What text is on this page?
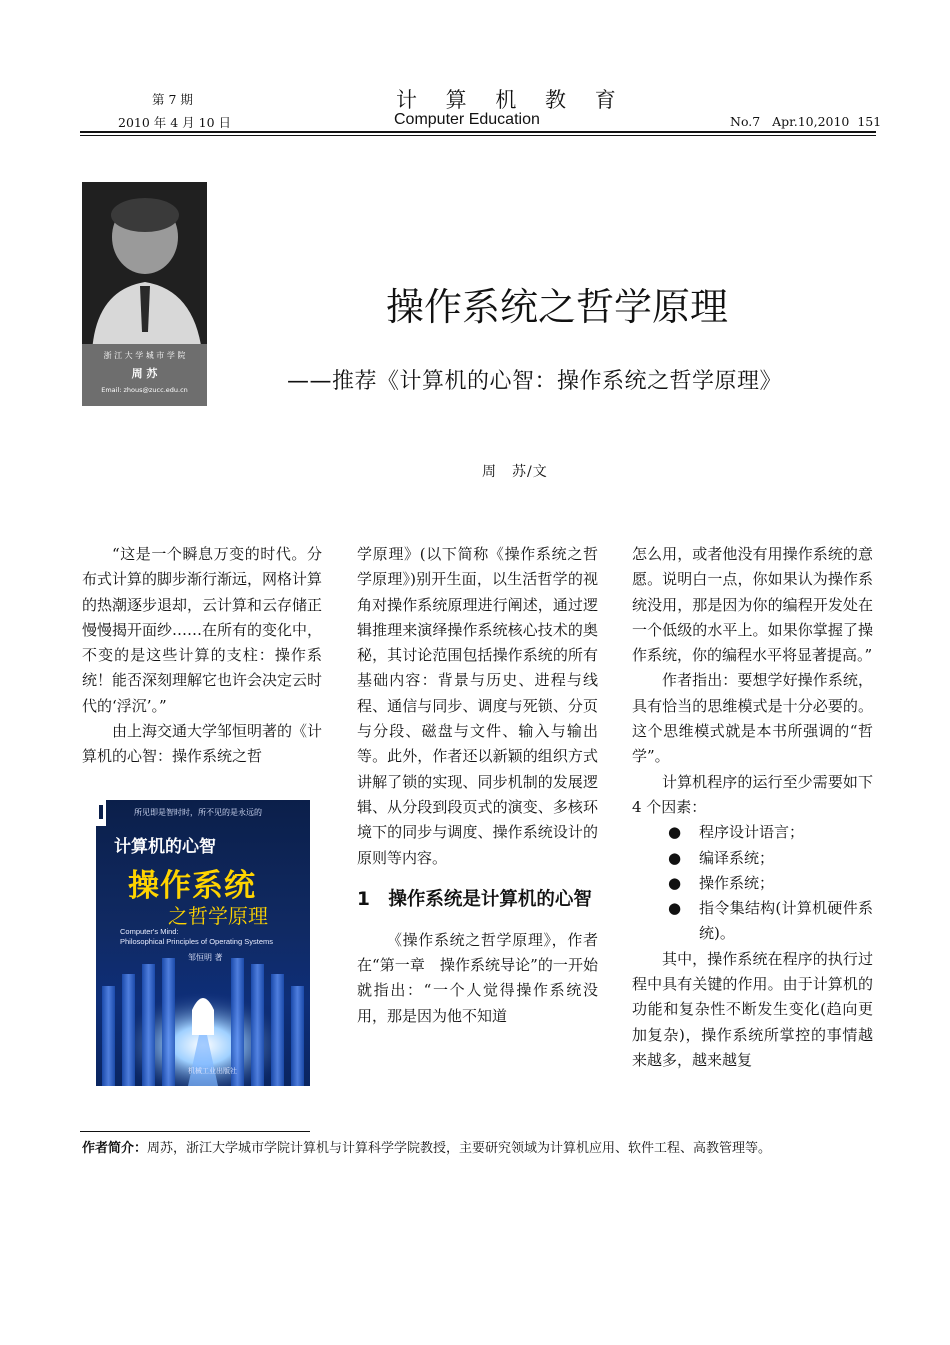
第 7 期
2010 年 4 月 10 日
计 算 机 教 育
Computer Education	No.7   Apr.10,2010  151
浙 江 大 学 城 市 学 院
周 苏
Email: zhous@zucc.edu.cn
操作系统之哲学原理
——推荐《计算机的心智：操作系统之哲学原理》
周　苏/文

“这是一个瞬息万变的时代。分布式计算的脚步渐行渐远，网格计算的热潮逐步退却，云计算和云存储正慢慢揭开面纱……在所有的变化中，不变的是这些计算的支柱：操作系统！能否深刻理解它也许会决定云时代的‘浮沉’。”

由上海交通大学邹恒明著的《计算机的心智：操作系统之哲

所见即是智时时，所不见的是永远的
计算机的心智
操作系统
之哲学原理
Computer's Mind:
Philosophical Principles of Operating Systems
邹恒明 著
机械工业出版社

学原理》(以下简称《操作系统之哲学原理》)别开生面，以生活哲学的视角对操作系统原理进行阐述，通过逻辑推理来演绎操作系统核心技术的奥秘，其讨论范围包括操作系统的所有基础内容：背景与历史、进程与线程、通信与同步、调度与死锁、分页与分段、磁盘与文件、输入与输出等。此外，作者还以新颖的组织方式讲解了锁的实现、同步机制的发展逻辑、从分段到段页式的演变、多核环境下的同步与调度、操作系统设计的原则等内容。

1　操作系统是计算机的心智

《操作系统之哲学原理》，作者在“第一章　操作系统导论”的一开始就指出：“一个人觉得操作系统没用，那是因为他不知道

怎么用，或者他没有用操作系统的意愿。说明白一点，你如果认为操作系统没用，那是因为你的编程开发处在一个低级的水平上。如果你掌握了操作系统，你的编程水平将显著提高。”

作者指出：要想学好操作系统，具有恰当的思维模式是十分必要的。这个思维模式就是本书所强调的“哲学”。

计算机程序的运行至少需要如下 4 个因素：

● 程序设计语言；
● 编译系统；
● 操作系统；
● 指令集结构(计算机硬件系统)。

其中，操作系统在程序的执行过程中具有关键的作用。由于计算机的功能和复杂性不断发生变化(趋向更加复杂)，操作系统所掌控的事情越来越多，越来越复

作者简介：周苏，浙江大学城市学院计算机与计算科学学院教授，主要研究领域为计算机应用、软件工程、高教管理等。
